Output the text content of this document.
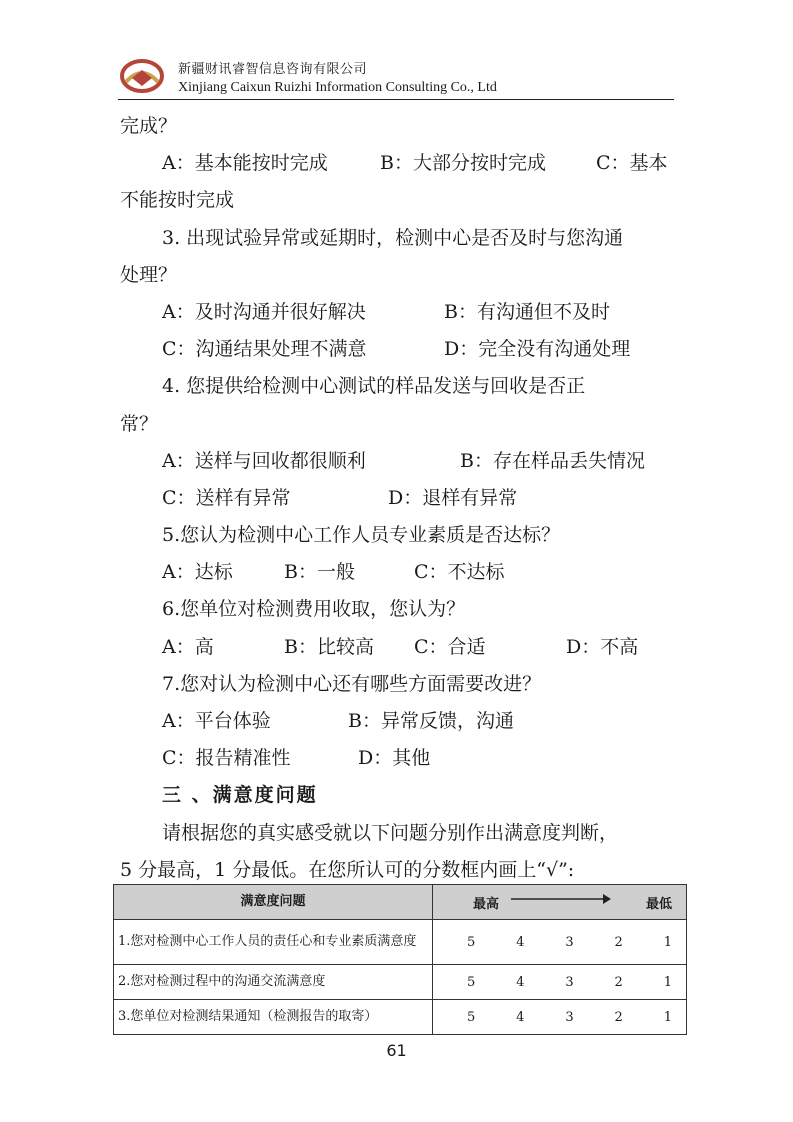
新疆财讯睿智信息咨询有限公司
Xinjiang Caixun Ruizhi Information Consulting Co., Ltd
完成？
A：基本能按时完成	B：大部分按时完成	C：基本
不能按时完成
3. 出现试验异常或延期时，检测中心是否及时与您沟通
处理？
A：及时沟通并很好解决	B：有沟通但不及时
C：沟通结果处理不满意	D：完全没有沟通处理
4. 您提供给检测中心测试的样品发送与回收是否正
常？
A：送样与回收都很顺利	B：存在样品丢失情况
C：送样有异常	D：退样有异常
5.您认为检测中心工作人员专业素质是否达标？
A：达标	B：一般	C：不达标
6.您单位对检测费用收取，您认为？
A：高	B：比较高	C：合适	D：不高
7.您对认为检测中心还有哪些方面需要改进？
A：平台体验	B：异常反馈，沟通
C：报告精准性	D：其他
三 、满意度问题
请根据您的真实感受就以下问题分别作出满意度判断，
5 分最高，1 分最低。在您所认可的分数框内画上“√”:
满意度问题	最高 最低

1.您对检测中心工作人员的责任心和专业素质满意度	5 4 3 2 1

2.您对检测过程中的沟通交流满意度	5 4 3 2 1

3.您单位对检测结果通知（检测报告的取寄）	5 4 3 2 1
61
